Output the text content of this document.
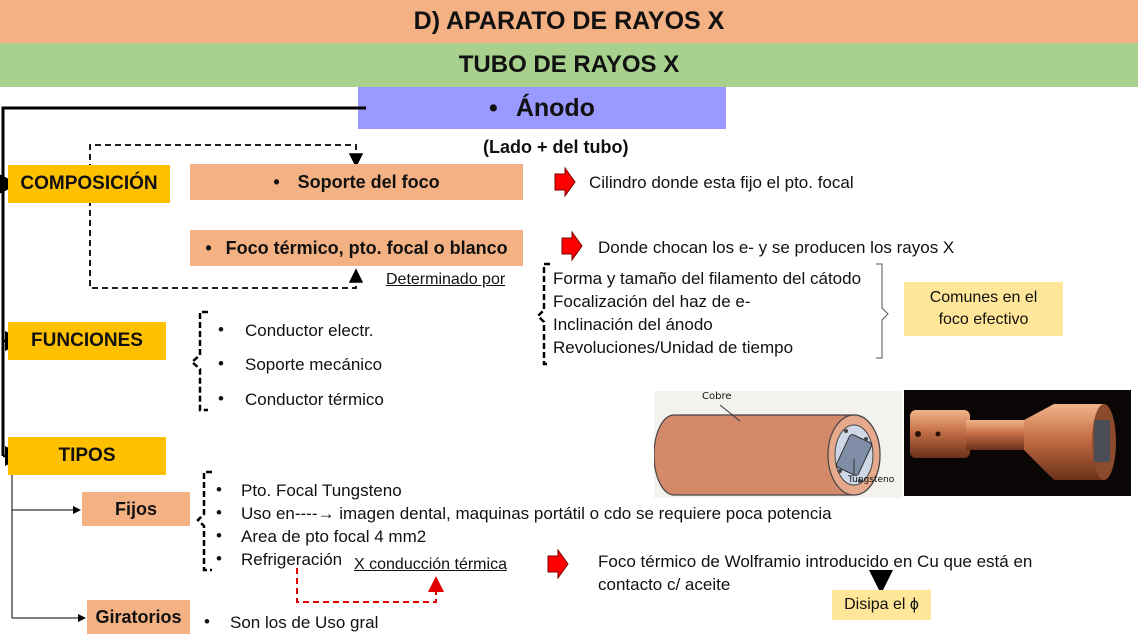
D) APARATO DE RAYOS X
TUBO DE RAYOS X
• Ánodo
(Lado + del tubo)
COMPOSICIÓN
FUNCIONES
TIPOS
Fijos
Giratorios
• Soporte del foco	Cilindro donde esta fijo el pto. focal
• Foco térmico, pto. focal o blanco	Donde chocan los e- y se producen los rayos X
Determinado por	Forma y tamaño del filamento del cátodo
Focalización del haz de e-
Inclinación del ánodo
Revoluciones/Unidad de tiempo
Comunes en el
foco efectivo
• Conductor electr.
• Soporte mecánico
• Conductor térmico	Cobre
Tungsteno
• Pto. Focal Tungsteno
• Uso en----→ imagen dental, maquinas portátil o cdo se requiere poca potencia
• Area de pto focal 4 mm2
• Refrigeración X conducción térmica	Foco térmico de Wolframio introducido en Cu que está en
contacto c/ aceite
Disipa el ϕ
• Son los de Uso gral
